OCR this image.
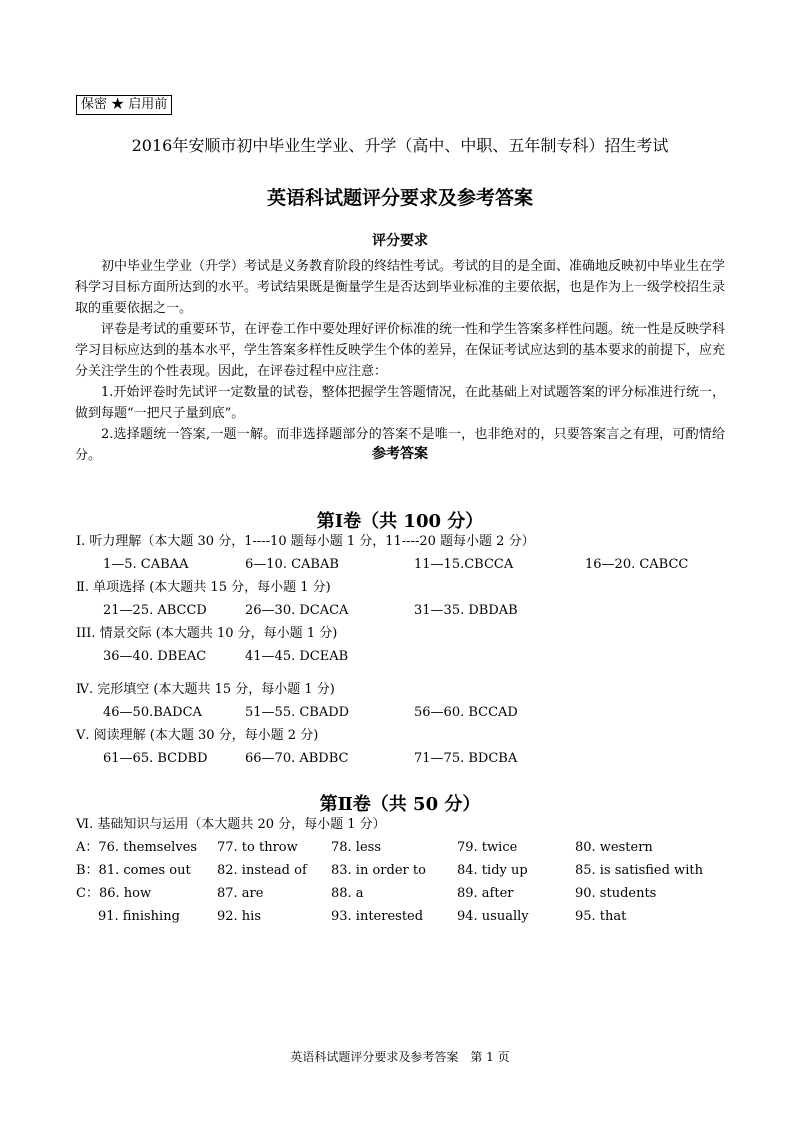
保密 ★ 启用前
2016年安顺市初中毕业生学业、升学（高中、中职、五年制专科）招生考试
英语科试题评分要求及参考答案
评分要求

初中毕业生学业（升学）考试是义务教育阶段的终结性考试。考试的目的是全面、准确地反映初中毕业生在学科学习目标方面所达到的水平。考试结果既是衡量学生是否达到毕业标准的主要依据，也是作为上一级学校招生录取的重要依据之一。

评卷是考试的重要环节，在评卷工作中要处理好评价标准的统一性和学生答案多样性问题。统一性是反映学科学习目标应达到的基本水平，学生答案多样性反映学生个体的差异，在保证考试应达到的基本要求的前提下，应充分关注学生的个性表现。因此，在评卷过程中应注意：

1.开始评卷时先试评一定数量的试卷，整体把握学生答题情况，在此基础上对试题答案的评分标准进行统一，做到每题“一把尺子量到底”。

2.选择题统一答案,一题一解。而非选择题部分的答案不是唯一，也非绝对的，只要答案言之有理，可酌情给分。	参考答案
第Ⅰ卷（共 100 分）
Ⅰ. 听力理解（本大题 30 分，1----10 题每小题 1 分，11----20 题每小题 2 分）
1—5. CABAA	6—10. CABAB	11—15.CBCCA	16—20. CABCC
Ⅱ. 单项选择 (本大题共 15 分，每小题 1 分)
21—25. ABCCD	26—30. DCACA	31—35. DBDAB
III. 情景交际 (本大题共 10 分，每小题 1 分)
36—40. DBEAC	41—45. DCEAB
Ⅳ. 完形填空 (本大题共 15 分，每小题 1 分)
46—50.BADCA	51—55. CBADD	56—60. BCCAD
Ⅴ. 阅读理解 (本大题 30 分，每小题 2 分)
61—65. BCDBD	66—70. ABDBC	71—75. BDCBA
第Ⅱ卷（共 50 分）
Ⅵ. 基础知识与运用（本大题共 20 分，每小题 1 分）
A：76. themselves 77. to throw	78. less	79. twice	80. western
B：81. comes out 82. instead of 83. in order to 84. tidy up	85. is satisfied with
C：86. how	87. are	88. a	89. after	90. students
91. finishing	92. his	93. interested	94. usually	95. that
英语科试题评分要求及参考答案　第 1 页
